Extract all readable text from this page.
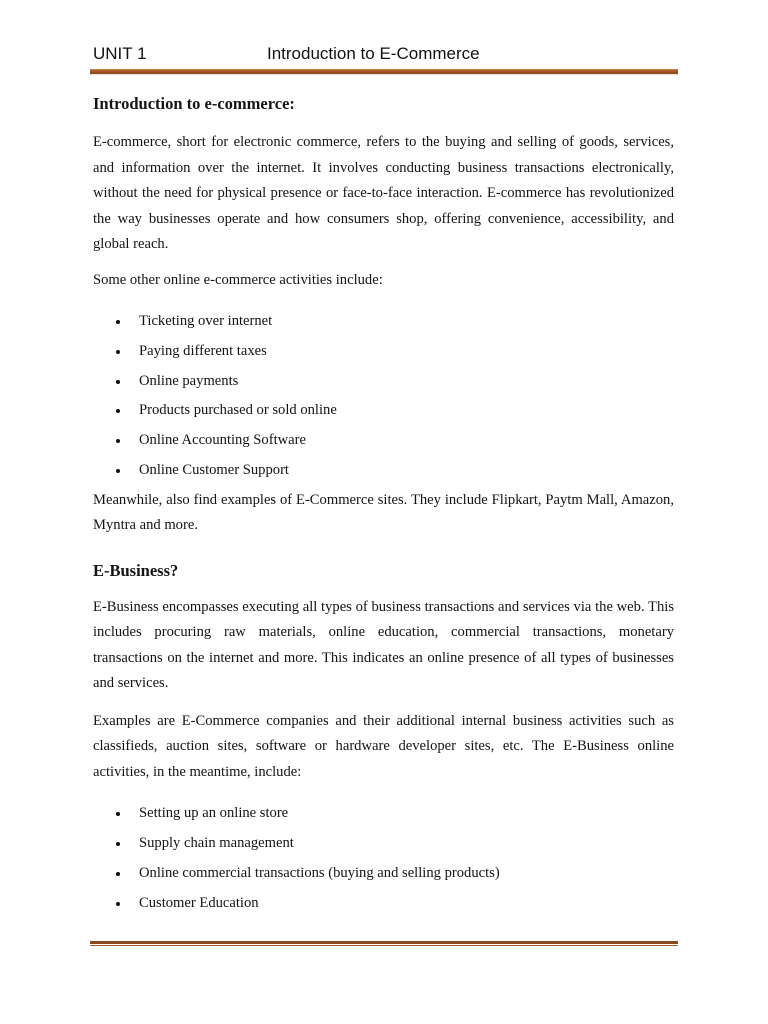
UNIT 1	Introduction to E-Commerce
Introduction to e-commerce:

E-commerce, short for electronic commerce, refers to the buying and selling of goods, services, and information over the internet. It involves conducting business transactions electronically, without the need for physical presence or face-to-face interaction. E-commerce has revolutionized the way businesses operate and how consumers shop, offering convenience, accessibility, and global reach.

Some other online e-commerce activities include:

Ticketing over internet
Paying different taxes
Online payments
Products purchased or sold online
Online Accounting Software
Online Customer Support

Meanwhile, also find examples of E-Commerce sites. They include Flipkart, Paytm Mall, Amazon, Myntra and more.

E-Business?

E-Business encompasses executing all types of business transactions and services via the web. This includes procuring raw materials, online education, commercial transactions, monetary transactions on the internet and more. This indicates an online presence of all types of businesses and services.

Examples are E-Commerce companies and their additional internal business activities such as classifieds, auction sites, software or hardware developer sites, etc. The E-Business online activities, in the meantime, include:

Setting up an online store
Supply chain management
Online commercial transactions (buying and selling products)
Customer Education
